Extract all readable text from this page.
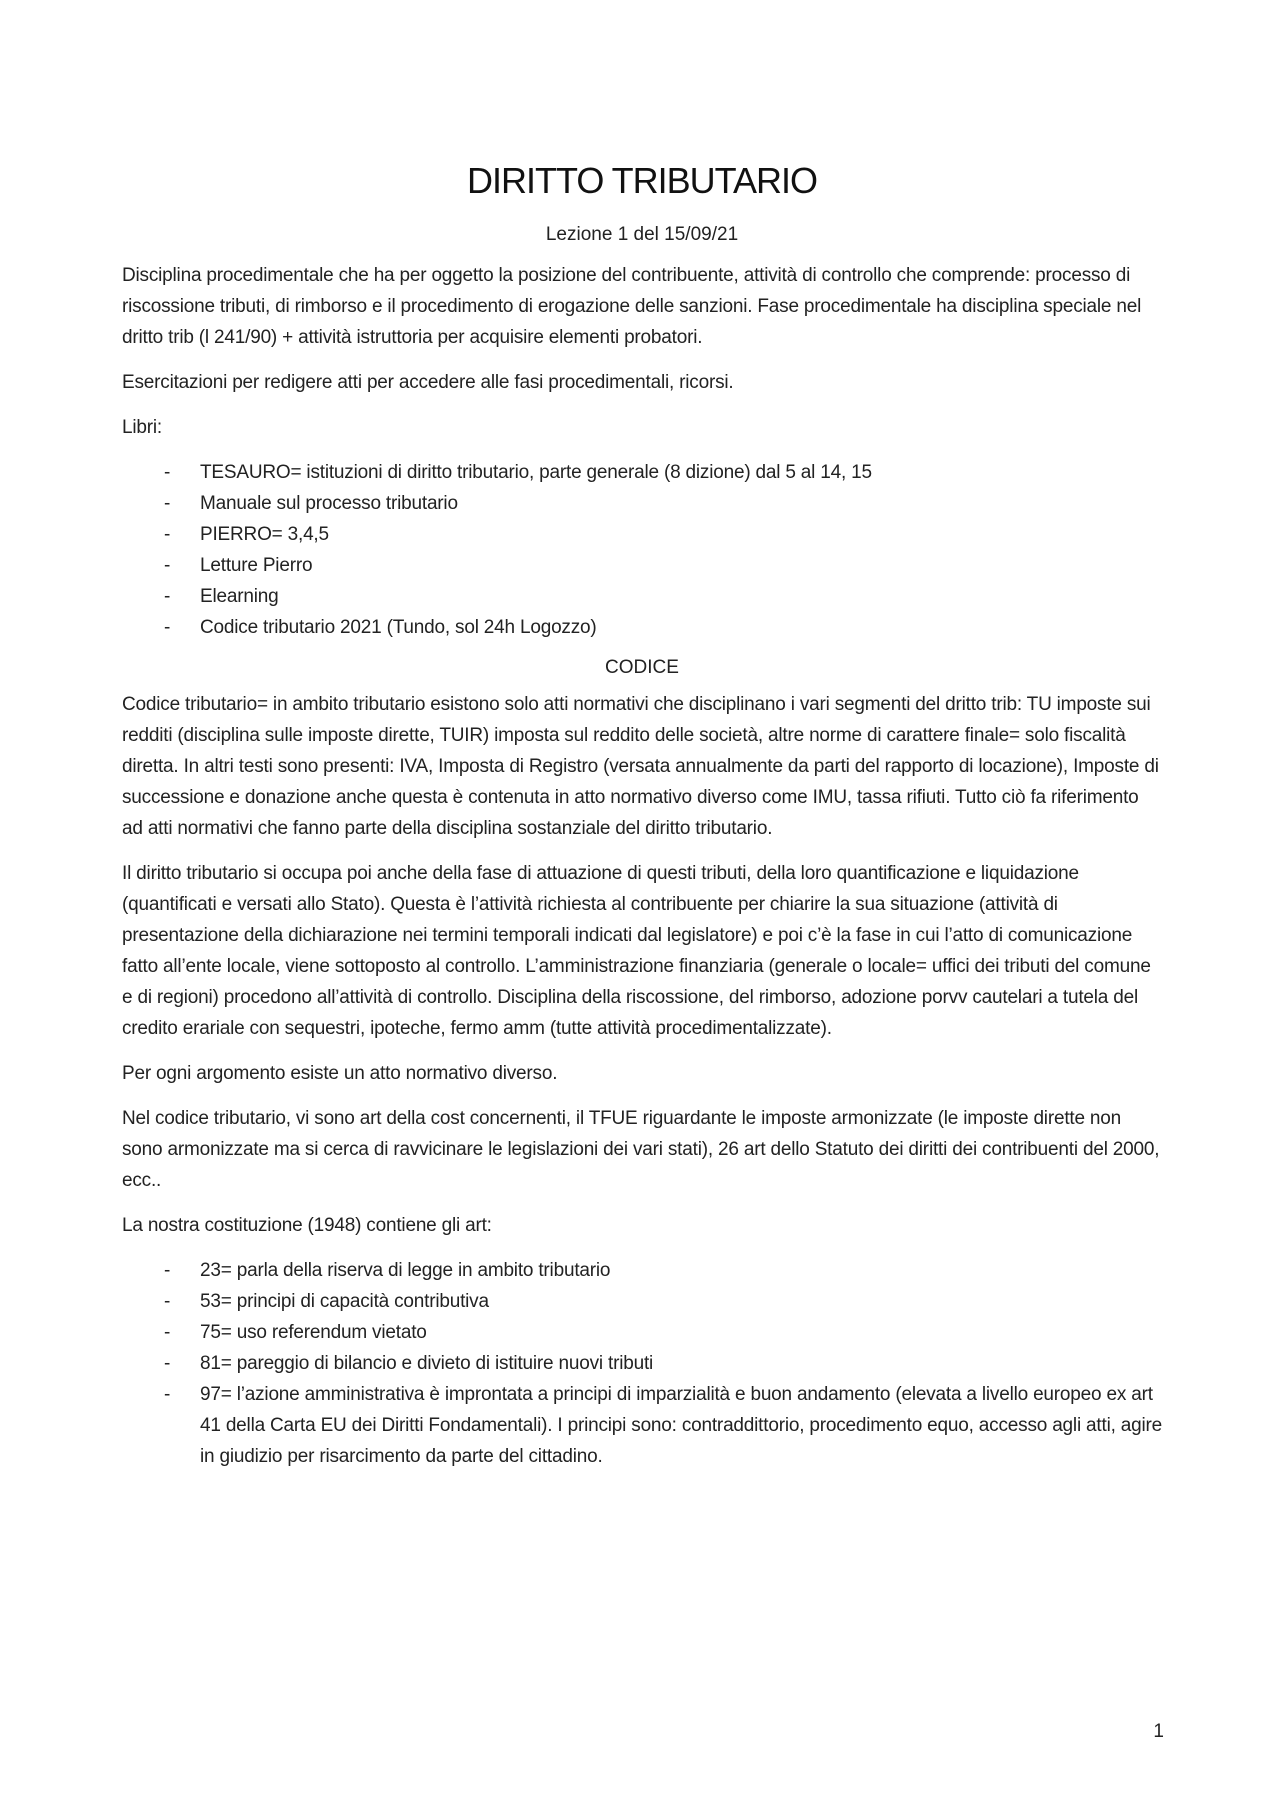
DIRITTO TRIBUTARIO
Lezione 1 del 15/09/21

Disciplina procedimentale che ha per oggetto la posizione del contribuente, attività di controllo che comprende: processo di riscossione tributi, di rimborso e il procedimento di erogazione delle sanzioni. Fase procedimentale ha disciplina speciale nel dritto trib (l 241/90) + attività istruttoria per acquisire elementi probatori.

Esercitazioni per redigere atti per accedere alle fasi procedimentali, ricorsi.

Libri:

- TESAURO= istituzioni di diritto tributario, parte generale (8 dizione) dal 5 al 14, 15
- Manuale sul processo tributario
- PIERRO= 3,4,5
- Letture Pierro
- Elearning
- Codice tributario 2021 (Tundo, sol 24h Logozzo)
CODICE

Codice tributario= in ambito tributario esistono solo atti normativi che disciplinano i vari segmenti del dritto trib: TU imposte sui redditi (disciplina sulle imposte dirette, TUIR) imposta sul reddito delle società, altre norme di carattere finale= solo fiscalità diretta. In altri testi sono presenti: IVA, Imposta di Registro (versata annualmente da parti del rapporto di locazione), Imposte di successione e donazione anche questa è contenuta in atto normativo diverso come IMU, tassa rifiuti. Tutto ciò fa riferimento ad atti normativi che fanno parte della disciplina sostanziale del diritto tributario.

Il diritto tributario si occupa poi anche della fase di attuazione di questi tributi, della loro quantificazione e liquidazione (quantificati e versati allo Stato). Questa è l’attività richiesta al contribuente per chiarire la sua situazione (attività di presentazione della dichiarazione nei termini temporali indicati dal legislatore) e poi c’è la fase in cui l’atto di comunicazione fatto all’ente locale, viene sottoposto al controllo. L’amministrazione finanziaria (generale o locale= uffici dei tributi del comune e di regioni) procedono all’attività di controllo. Disciplina della riscossione, del rimborso, adozione porvv cautelari a tutela del credito erariale con sequestri, ipoteche, fermo amm (tutte attività procedimentalizzate).

Per ogni argomento esiste un atto normativo diverso.

Nel codice tributario, vi sono art della cost concernenti, il TFUE riguardante le imposte armonizzate (le imposte dirette non sono armonizzate ma si cerca di ravvicinare le legislazioni dei vari stati), 26 art dello Statuto dei diritti dei contribuenti del 2000, ecc..

La nostra costituzione (1948) contiene gli art:

- 23= parla della riserva di legge in ambito tributario
- 53= principi di capacità contributiva
- 75= uso referendum vietato
- 81= pareggio di bilancio e divieto di istituire nuovi tributi
- 97= l’azione amministrativa è improntata a principi di imparzialità e buon andamento (elevata a livello europeo ex art 41 della Carta EU dei Diritti Fondamentali). I principi sono: contraddittorio, procedimento equo, accesso agli atti, agire in giudizio per risarcimento da parte del cittadino.
1
